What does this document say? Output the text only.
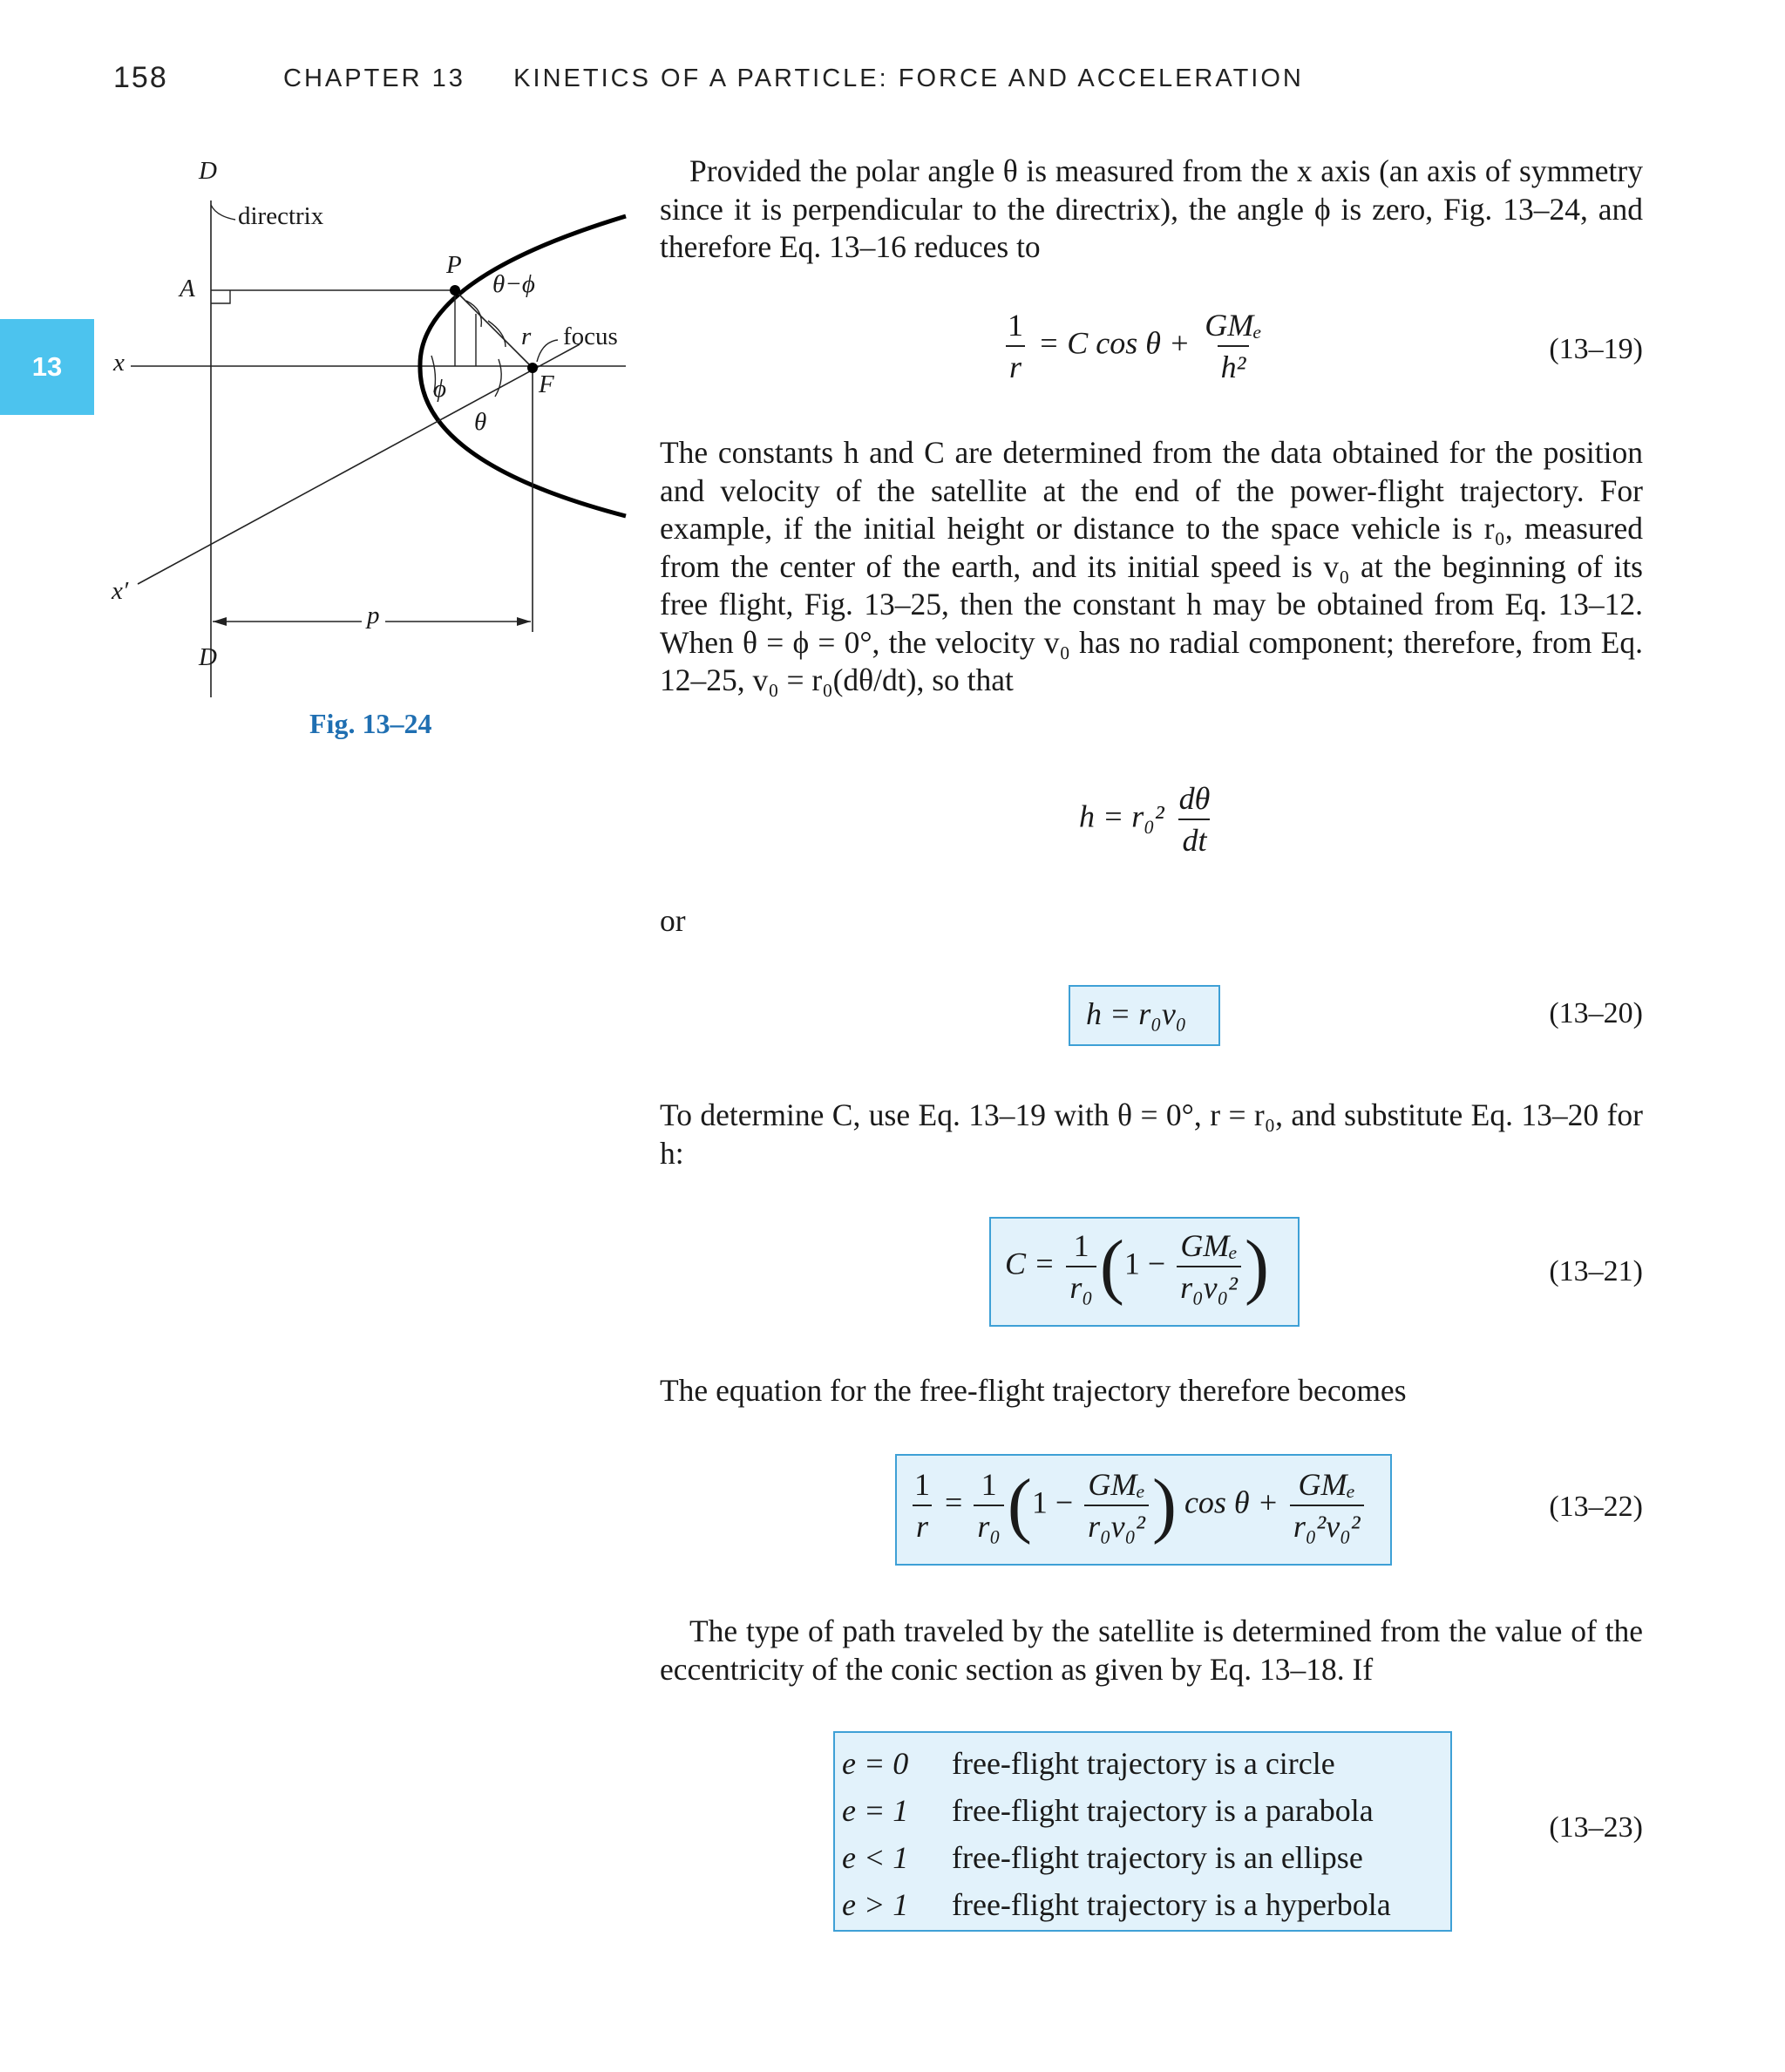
158	CHAPTER 13     KINETICS OF A PARTICLE: FORCE AND ACCELERATION
13
D
directrix
A
P
θ−ϕ
r focus
x
F
ϕ
θ
x′
p
D
Fig. 13–24
Provided the polar angle θ is measured from the x axis (an axis of symmetry since it is perpendicular to the directrix), the angle ϕ is zero, Fig. 13–24, and therefore Eq. 13–16 reduces to
$\frac{1}{r} = C$ $\cos \theta + \frac{\text{GMₑ}}{\text{h²}}$	(13–19)
The constants h and C are determined from the data obtained for the position and velocity of the satellite at the end of the power-flight trajectory. For example, if the initial height or distance to the space vehicle is r₀, measured from the center of the earth, and its initial speed is v₀ at the beginning of its free flight, Fig. 13–25, then the constant h may be obtained from Eq. 13–12. When θ = ϕ = 0°, the velocity v₀ has no radial component; therefore, from Eq. 12–25, v₀ = r₀(dθ/dt), so that
$h = r_0^2 \frac{d\theta}{dt}$
or
h = r₀v₀	(13–20)
To determine C, use Eq. 13–19 with θ = 0°, r = r₀, and substitute Eq. 13–20 for h:
$C = \frac{1}{\text{r₀}} (1 - \frac{\text{GMₑ}}{\text{r₀v₀²}}$ )	(13–21)
The equation for the free-flight trajectory therefore becomes
$\frac{1}{r} = \frac{1}{\text{r₀}} (1 - \frac{\text{GMₑ}}{\text{r₀v₀²}}$ ) $\cos \theta + \frac{\text{GMₑ}}{\text{r₀²v₀²}}$	(13–22)
The type of path traveled by the satellite is determined from the value of the eccentricity of the conic section as given by Eq. 13–18. If
e = 0	free-flight trajectory is a circle
e = 1	free-flight trajectory is a parabola
e < 1	free-flight trajectory is an ellipse
e > 1	free-flight trajectory is a hyperbola
(13–23)
